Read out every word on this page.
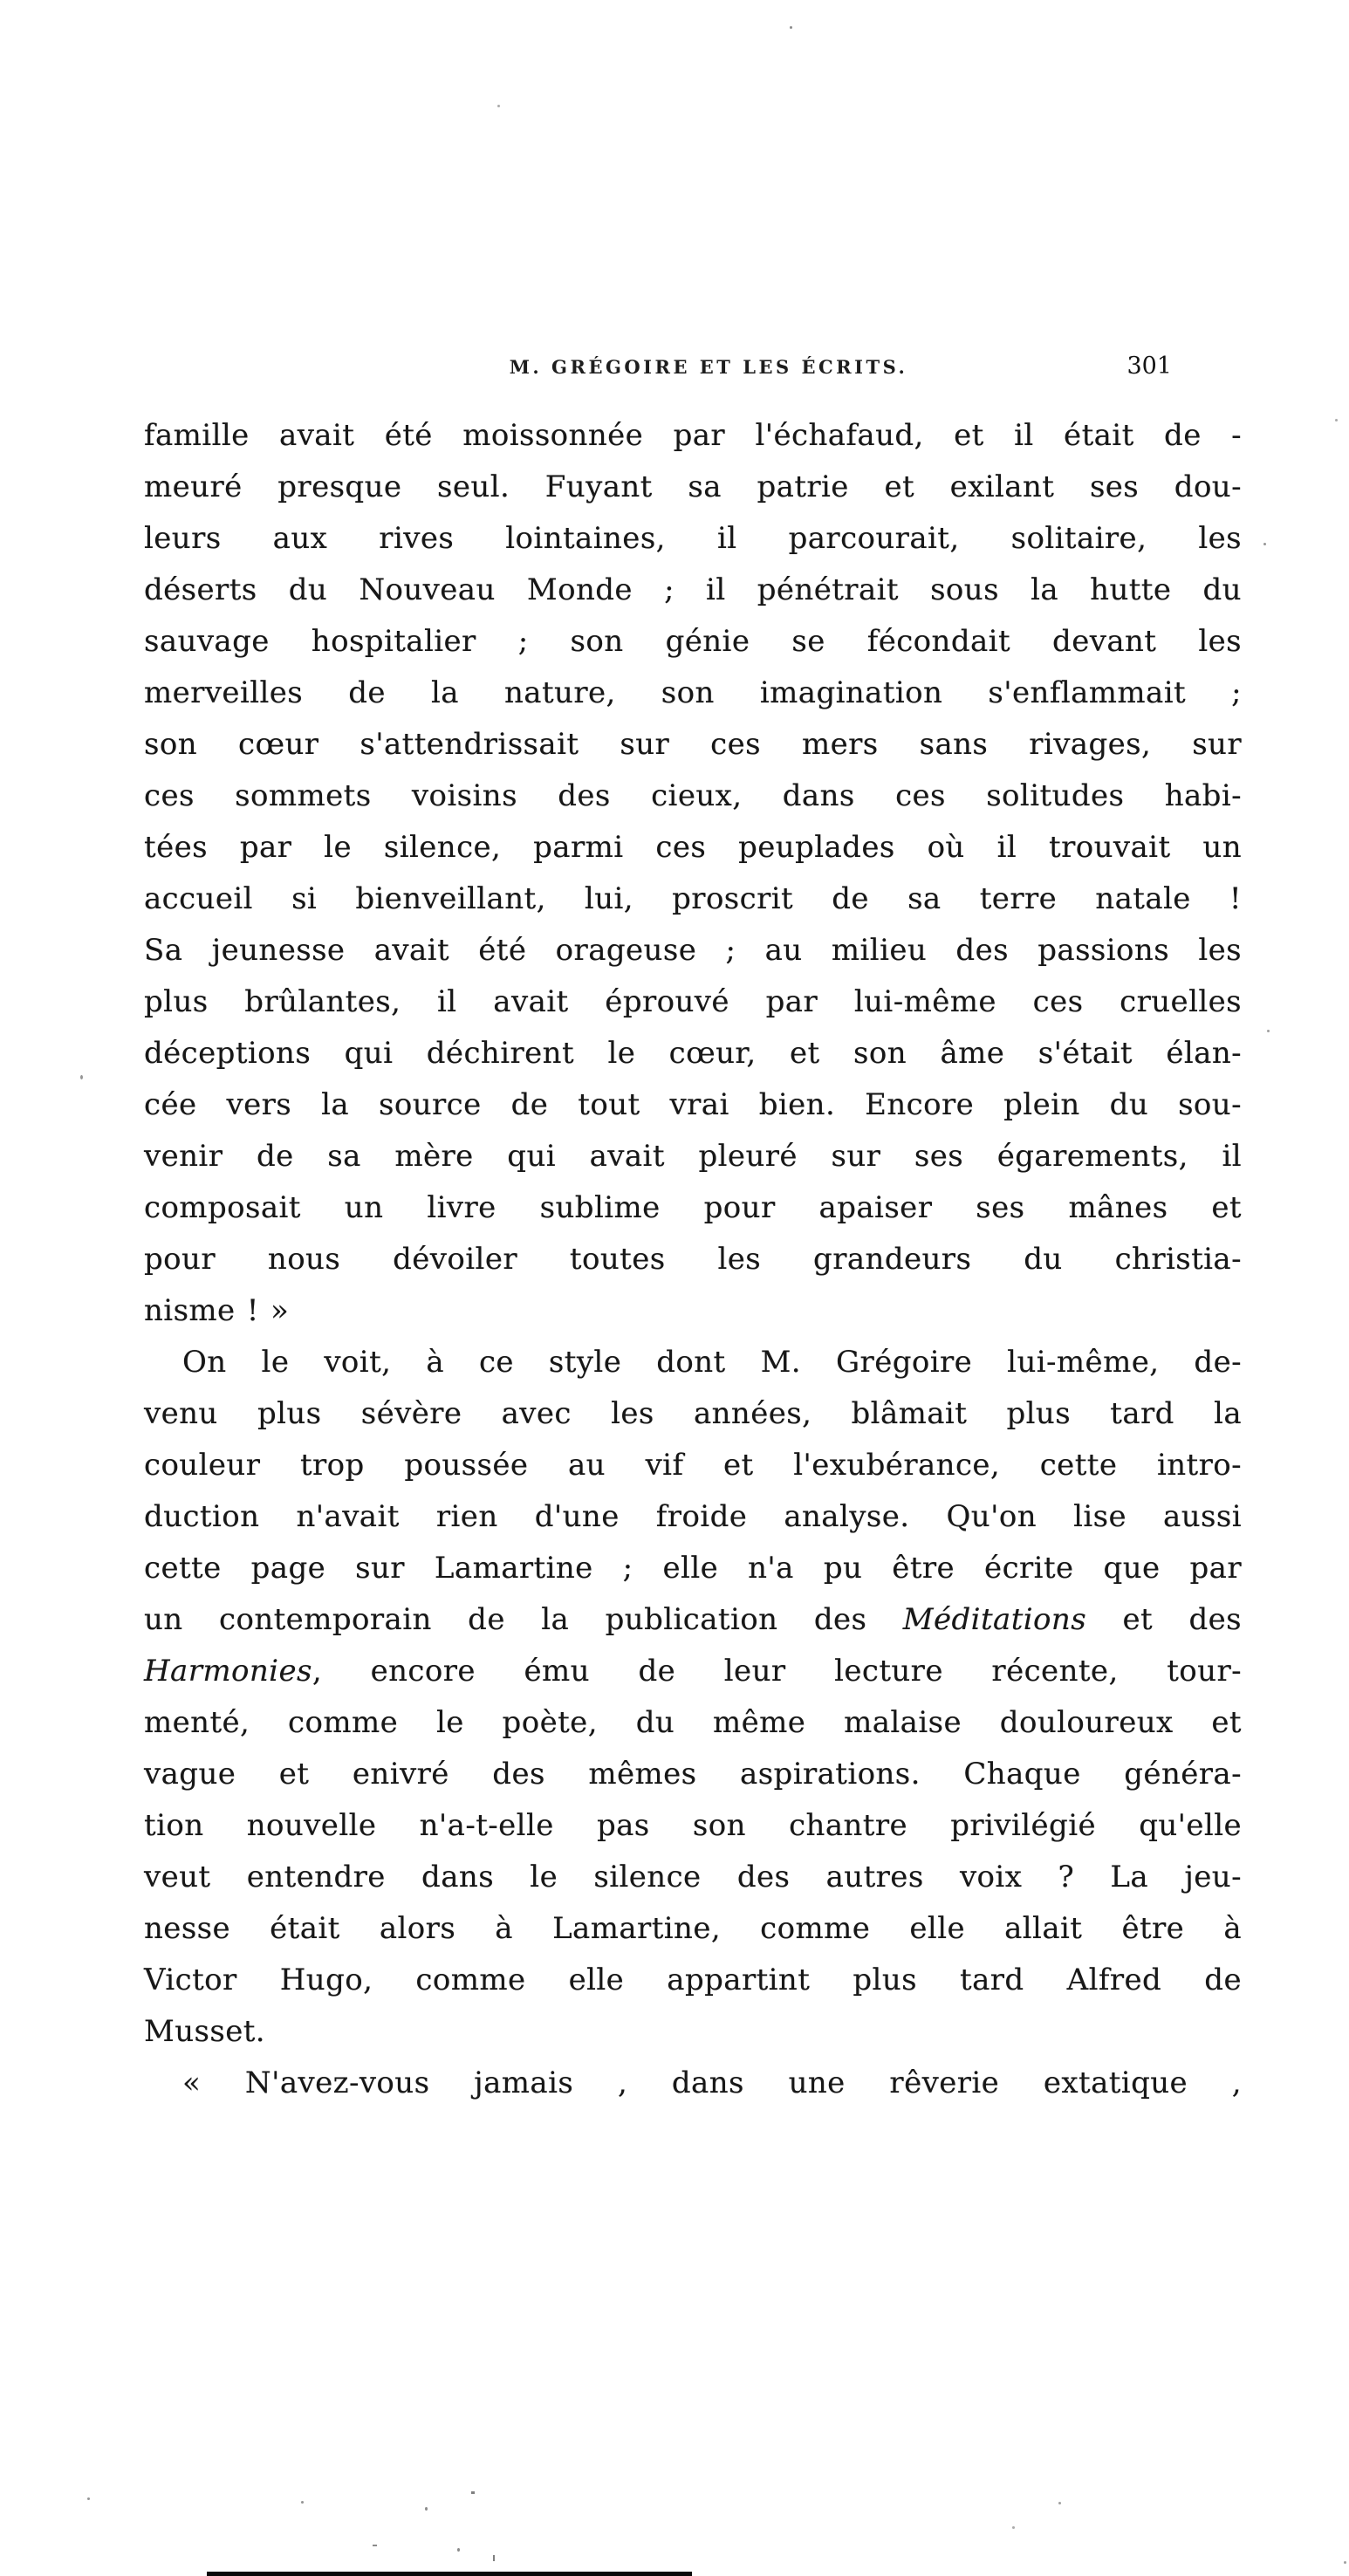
M. GRÉGOIRE ET LES ÉCRITS.	301
famille avait été moissonnée par l'échafaud, et il était de -
meuré presque seul. Fuyant sa patrie et exilant ses dou-
leurs aux rives lointaines, il parcourait, solitaire, les
déserts du Nouveau Monde ; il pénétrait sous la hutte du
sauvage hospitalier ; son génie se fécondait devant les
merveilles de la nature, son imagination s'enflammait ;
son cœur s'attendrissait sur ces mers sans rivages, sur
ces sommets voisins des cieux, dans ces solitudes habi-
tées par le silence, parmi ces peuplades où il trouvait un
accueil si bienveillant, lui, proscrit de sa terre natale !
Sa jeunesse avait été orageuse ; au milieu des passions les
plus brûlantes, il avait éprouvé par lui-même ces cruelles
déceptions qui déchirent le cœur, et son âme s'était élan-
cée vers la source de tout vrai bien. Encore plein du sou-
venir de sa mère qui avait pleuré sur ses égarements, il
composait un livre sublime pour apaiser ses mânes et
pour nous dévoiler toutes les grandeurs du christia-
nisme ! »
On le voit, à ce style dont M. Grégoire lui-même, de-
venu plus sévère avec les années, blâmait plus tard la
couleur trop poussée au vif et l'exubérance, cette intro-
duction n'avait rien d'une froide analyse. Qu'on lise aussi
cette page sur Lamartine ; elle n'a pu être écrite que par
un contemporain de la publication des Méditations et des
Harmonies, encore ému de leur lecture récente, tour-
menté, comme le poète, du même malaise douloureux et
vague et enivré des mêmes aspirations. Chaque généra-
tion nouvelle n'a-t-elle pas son chantre privilégié qu'elle
veut entendre dans le silence des autres voix ? La jeu-
nesse était alors à Lamartine, comme elle allait être à
Victor Hugo, comme elle appartint plus tard Alfred de
Musset.
« N'avez-vous jamais , dans une rêverie extatique ,
